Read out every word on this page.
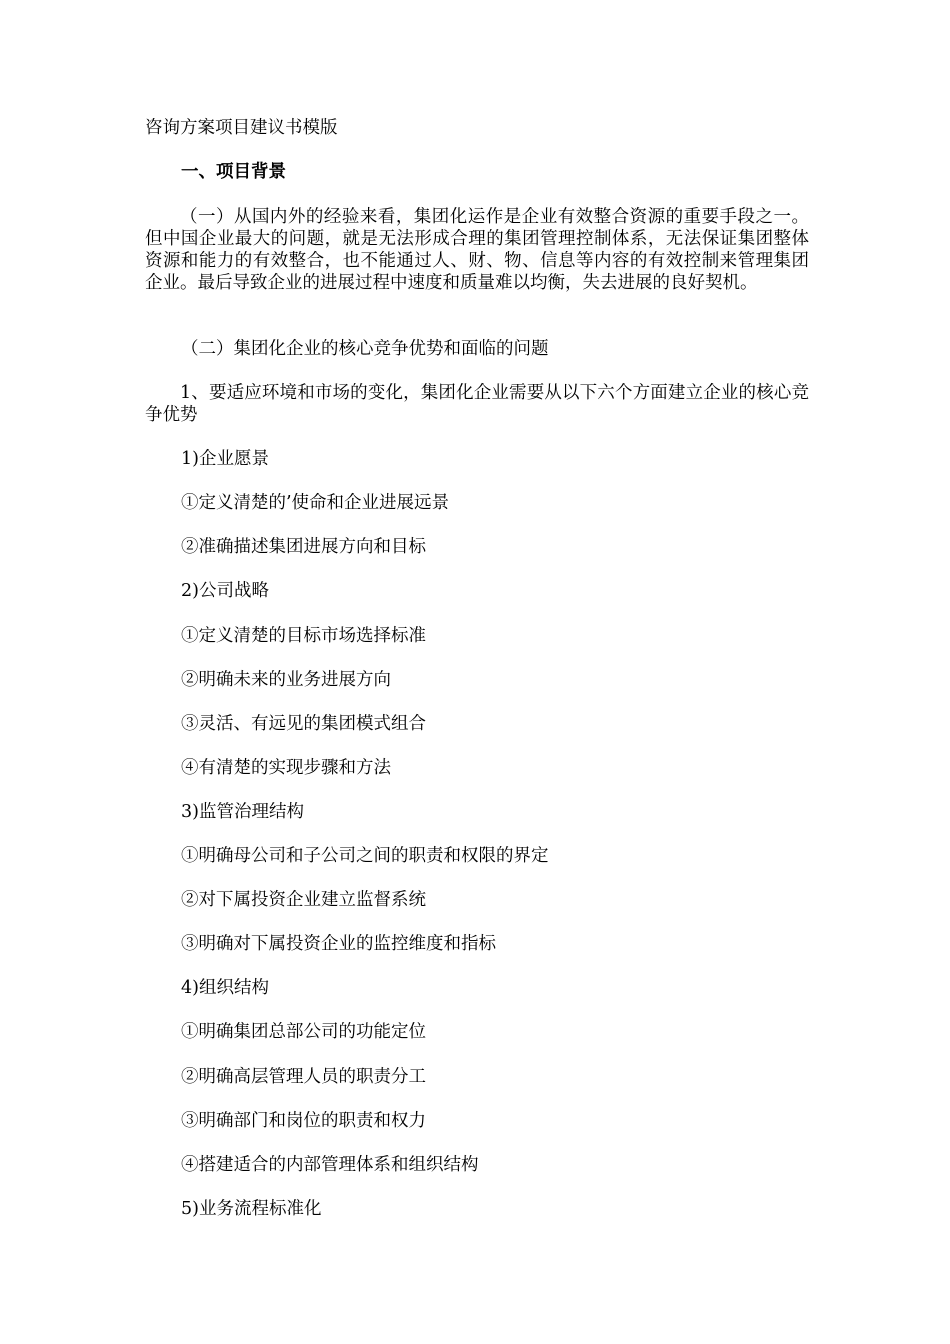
咨询方案项目建议书模版

一、项目背景

（一）从国内外的经验来看，集团化运作是企业有效整合资源的重要手段之一。但中国企业最大的问题，就是无法形成合理的集团管理控制体系，无法保证集团整体资源和能力的有效整合，也不能通过人、财、物、信息等内容的有效控制来管理集团企业。最后导致企业的进展过程中速度和质量难以均衡，失去进展的良好契机。

（二）集团化企业的核心竞争优势和面临的问题

1、要适应环境和市场的变化，集团化企业需要从以下六个方面建立企业的核心竞争优势

1)企业愿景

①定义清楚的’使命和企业进展远景

②准确描述集团进展方向和目标

2)公司战略

①定义清楚的目标市场选择标准

②明确未来的业务进展方向

③灵活、有远见的集团模式组合

④有清楚的实现步骤和方法

3)监管治理结构

①明确母公司和子公司之间的职责和权限的界定

②对下属投资企业建立监督系统

③明确对下属投资企业的监控维度和指标

4)组织结构

①明确集团总部公司的功能定位

②明确高层管理人员的职责分工

③明确部门和岗位的职责和权力

④搭建适合的内部管理体系和组织结构

5)业务流程标准化
